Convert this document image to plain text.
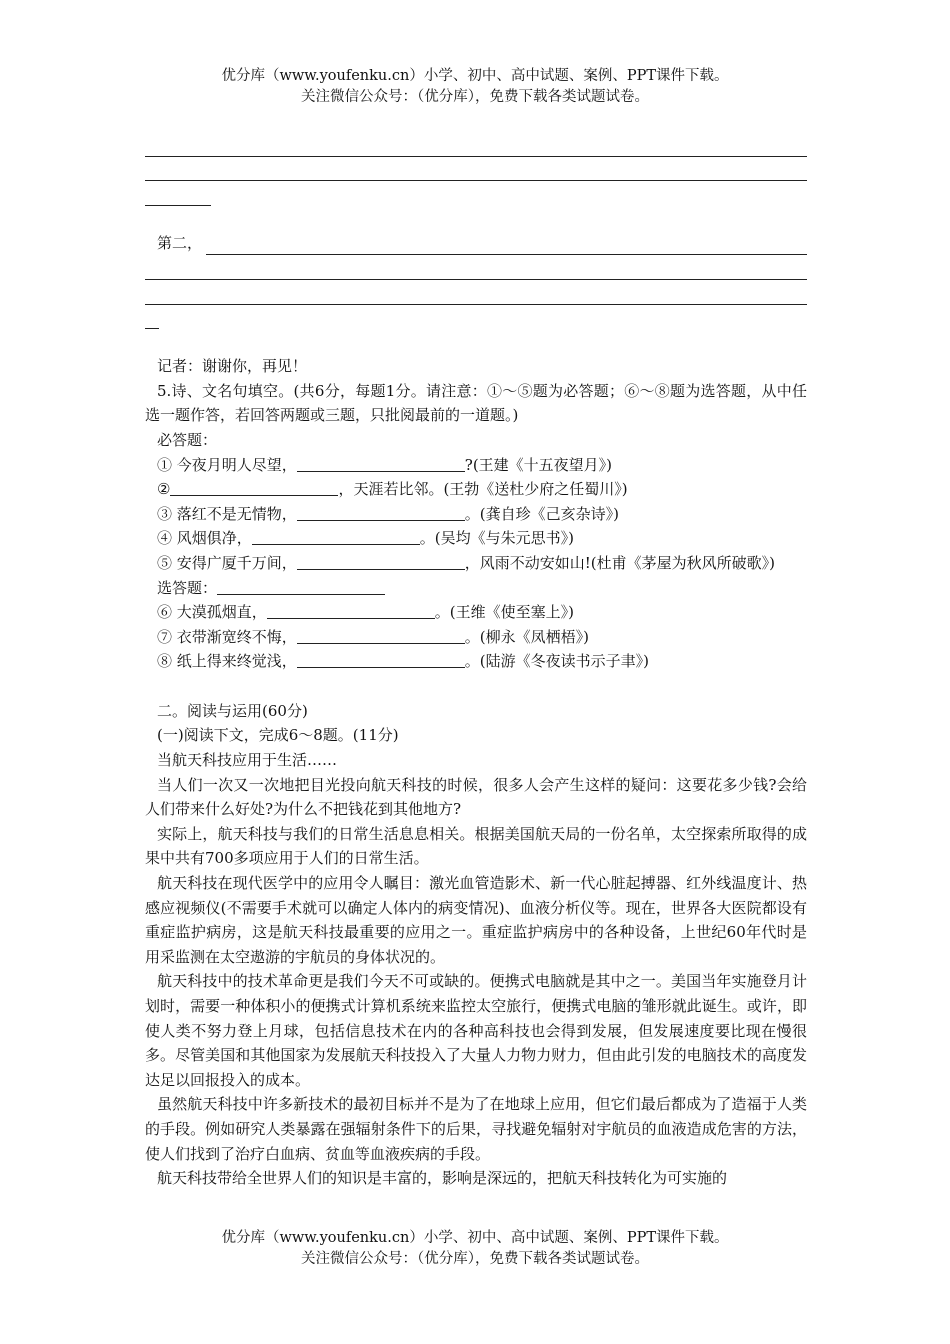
优分库（www.youfenku.cn）小学、初中、高中试题、案例、PPT课件下载。
关注微信公众号：（优分库），免费下载各类试题试卷。
第二，

记者：谢谢你，再见！

5.诗、文名句填空。(共6分，每题1分。请注意：①～⑤题为必答题；⑥～⑧题为选答题，从中任选一题作答，若回答两题或三题，只批阅最前的一道题。)

必答题：

① 今夜月明人尽望，	?(王建《十五夜望月》)

②	，天涯若比邻。(王勃《送杜少府之任蜀川》)

③ 落红不是无情物，	。(龚自珍《己亥杂诗》)

④ 风烟俱净，	。(吴均《与朱元思书》)

⑤ 安得广厦千万间，	，风雨不动安如山!(杜甫《茅屋为秋风所破歌》)

选答题：

⑥ 大漠孤烟直，	。(王维《使至塞上》)

⑦ 衣带渐宽终不悔，	。(柳永《凤栖梧》)

⑧ 纸上得来终觉浅，	。(陆游《冬夜读书示子聿》)

二。阅读与运用(60分)

(一)阅读下文，完成6～8题。(11分)

当航天科技应用于生活……

当人们一次又一次地把目光投向航天科技的时候，很多人会产生这样的疑问：这要花多少钱?会给人们带来什么好处?为什么不把钱花到其他地方?

实际上，航天科技与我们的日常生活息息相关。根据美国航天局的一份名单，太空探索所取得的成果中共有700多项应用于人们的日常生活。

航天科技在现代医学中的应用令人瞩目：激光血管造影术、新一代心脏起搏器、红外线温度计、热感应视频仪(不需要手术就可以确定人体内的病变情况)、血液分析仪等。现在，世界各大医院都设有重症监护病房，这是航天科技最重要的应用之一。重症监护病房中的各种设备，上世纪60年代时是用采监测在太空遨游的宇航员的身体状况的。

航天科技中的技术革命更是我们今天不可或缺的。便携式电脑就是其中之一。美国当年实施登月计划时，需要一种体积小的便携式计算机系统来监控太空旅行，便携式电脑的雏形就此诞生。或许，即使人类不努力登上月球，包括信息技术在内的各种高科技也会得到发展，但发展速度要比现在慢很多。尽管美国和其他国家为发展航天科技投入了大量人力物力财力，但由此引发的电脑技术的高度发达足以回报投入的成本。

虽然航天科技中许多新技术的最初目标并不是为了在地球上应用，但它们最后都成为了造福于人类的手段。例如研究人类暴露在强辐射条件下的后果，寻找避免辐射对宇航员的血液造成危害的方法，使人们找到了治疗白血病、贫血等血液疾病的手段。

航天科技带给全世界人们的知识是丰富的，影响是深远的，把航天科技转化为可实施的

优分库（www.youfenku.cn）小学、初中、高中试题、案例、PPT课件下载。
关注微信公众号：（优分库），免费下载各类试题试卷。
